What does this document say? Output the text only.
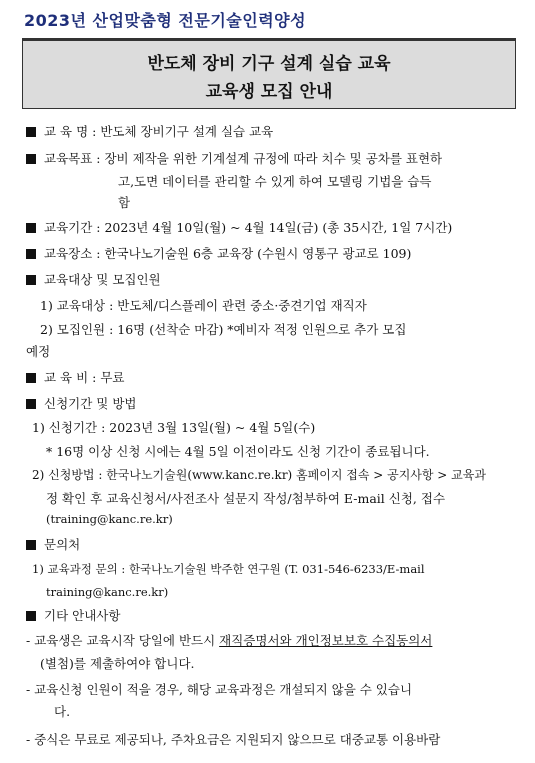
2023년 산업맞춤형 전문기술인력양성
반도체 장비 기구 설계 실습 교육
교육생 모집 안내
교 육 명 : 반도체 장비기구 설계 실습 교육
교육목표 : 장비 제작을 위한 기계설계 규정에 따라 치수 및 공차를 표현하
고,도면 데이터를 관리할 수 있게 하여 모델링 기법을 습득
함
교육기간 : 2023년 4월 10일(월) ~ 4월 14일(금) (총 35시간, 1일 7시간)
교육장소 : 한국나노기술원 6층 교육장 (수원시 영통구 광교로 109)
교육대상 및 모집인원
1) 교육대상 : 반도체/디스플레이 관련 중소·중견기업 재직자
2) 모집인원 : 16명 (선착순 마감) *예비자 적정 인원으로 추가 모집
예정
교 육 비 : 무료
신청기간 및 방법
1) 신청기간 : 2023년 3월 13일(월) ~ 4월 5일(수)
* 16명 이상 신청 시에는 4월 5일 이전이라도 신청 기간이 종료됩니다.
2) 신청방법 : 한국나노기술원(www.kanc.re.kr) 홈페이지 접속 > 공지사항 > 교육과
정 확인 후 교육신청서/사전조사 설문지 작성/첨부하여 E-mail 신청, 접수
(training@kanc.re.kr)
문의처
1) 교육과정 문의 : 한국나노기술원 박주한 연구원 (T. 031-546-6233/E-mail
training@kanc.re.kr)
기타 안내사항
- 교육생은 교육시작 당일에 반드시 재직증명서와 개인정보보호 수집동의서
(별첨)를 제출하여야 합니다.
- 교육신청 인원이 적을 경우, 해당 교육과정은 개설되지 않을 수 있습니
다.
- 중식은 무료로 제공되나, 주차요금은 지원되지 않으므로 대중교통 이용바람
